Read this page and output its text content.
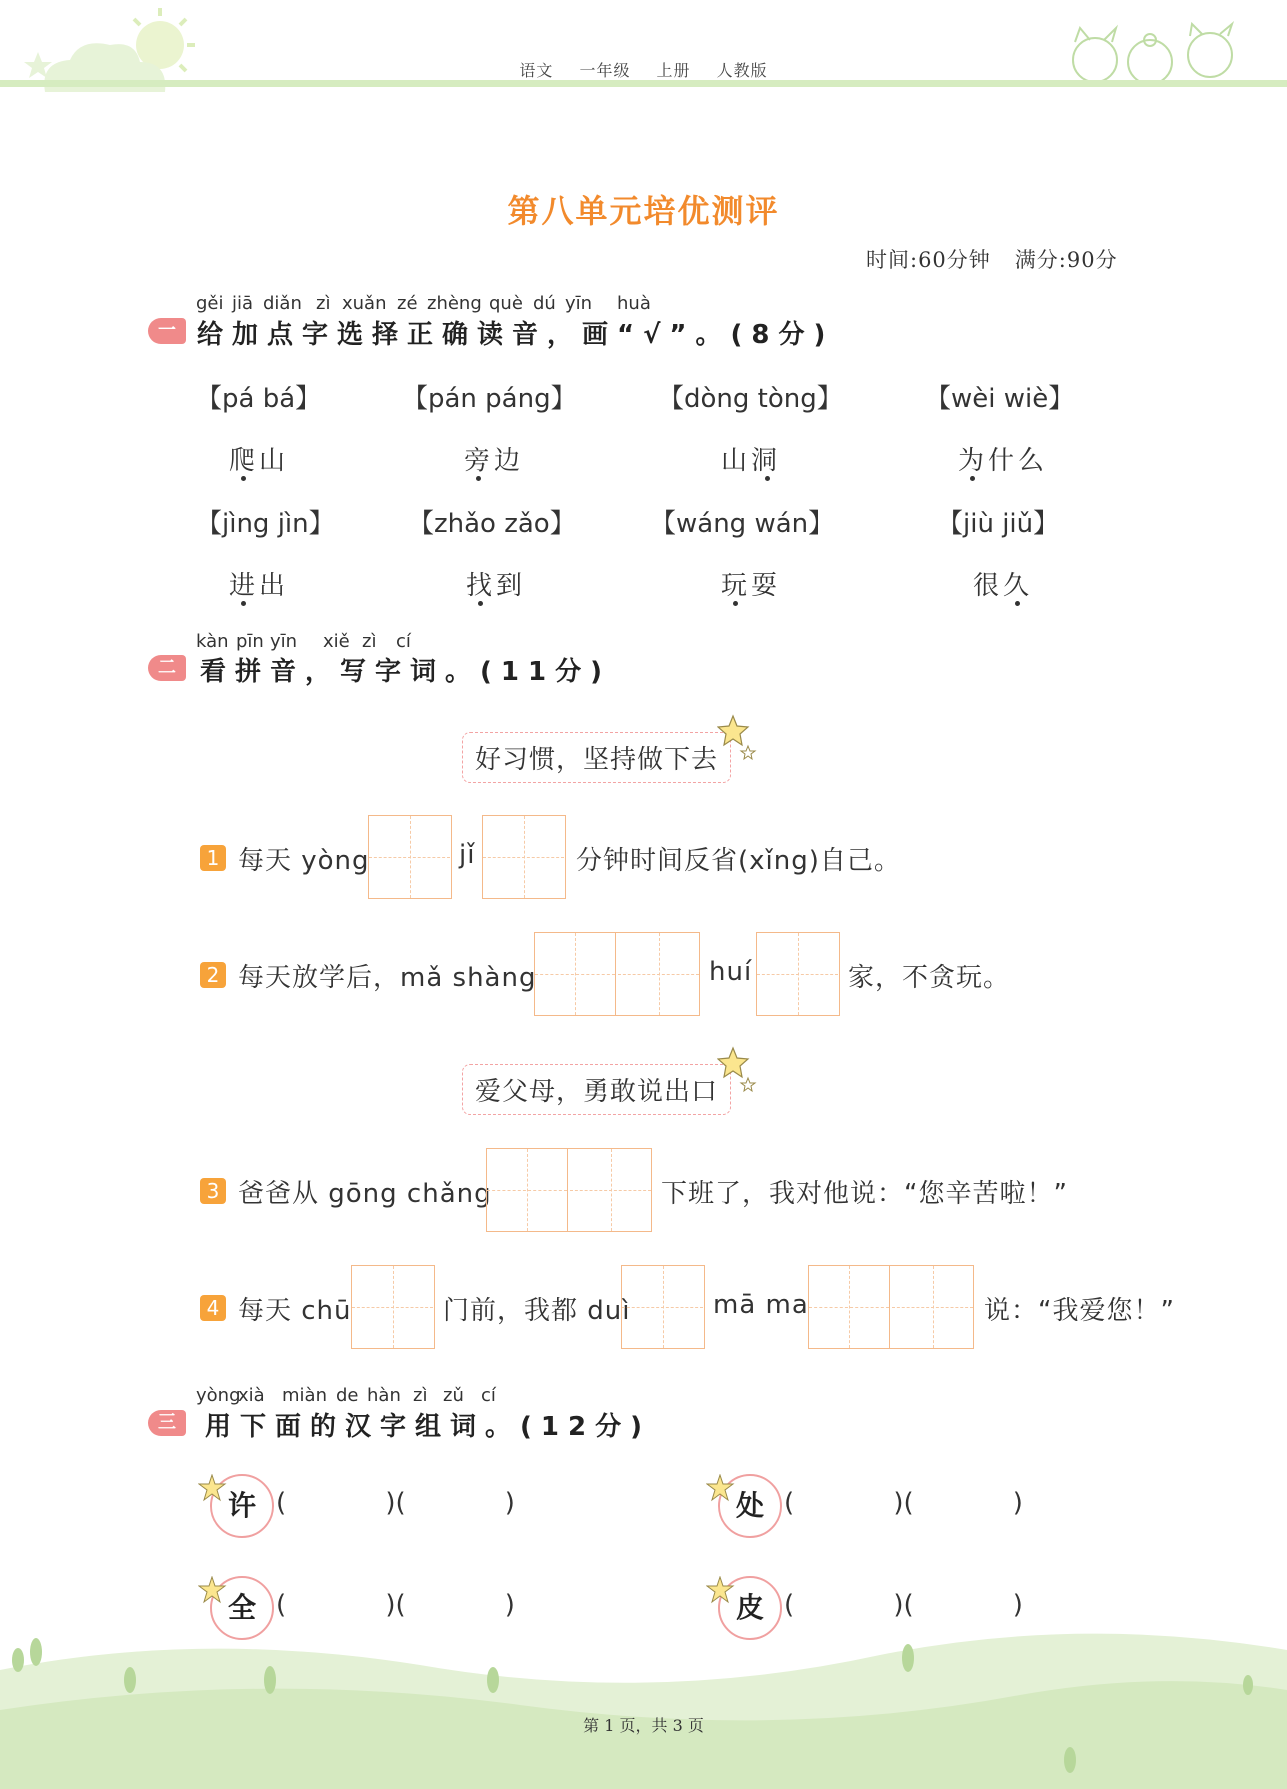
语文 一年级 上册 人教版
第八单元培优测评
时间:60分钟 满分:90分
gěi jiā diǎn zì xuǎn zé zhèng què dú yīn huà
一 给加点字选择正确读音，画“√”。(8分)
【pá bá】	【pán páng】	【dòng tòng】	【wèi wiè】
爬山	旁边	山洞	为什么
【jìng jìn】	【zhǎo zǎo】	【wáng wán】	【jiù jiǔ】
进出	找到	玩耍	很久
kàn pīn yīn xiě zì cí
二 看拼音，写字词。(11分)
好习惯，坚持做下去
1 每天 yòng	jǐ	分钟时间反省(xǐng)自己。
2 每天放学后，mǎ shàng	huí	家，不贪玩。
爱父母，勇敢说出口
3 爸爸从 gōng chǎng	下班了，我对他说：“您辛苦啦！”
4 每天 chū	门前，我都 duì	mā ma	说：“我爱您！”
yòng
xià miàn de hàn zì zǔ cí
三	用下面的汉字组词。(12分)
许 (            )(            )	处 (            )(            )
全 (            )(            )	皮 (            )(            )
第 1 页，共 3 页
